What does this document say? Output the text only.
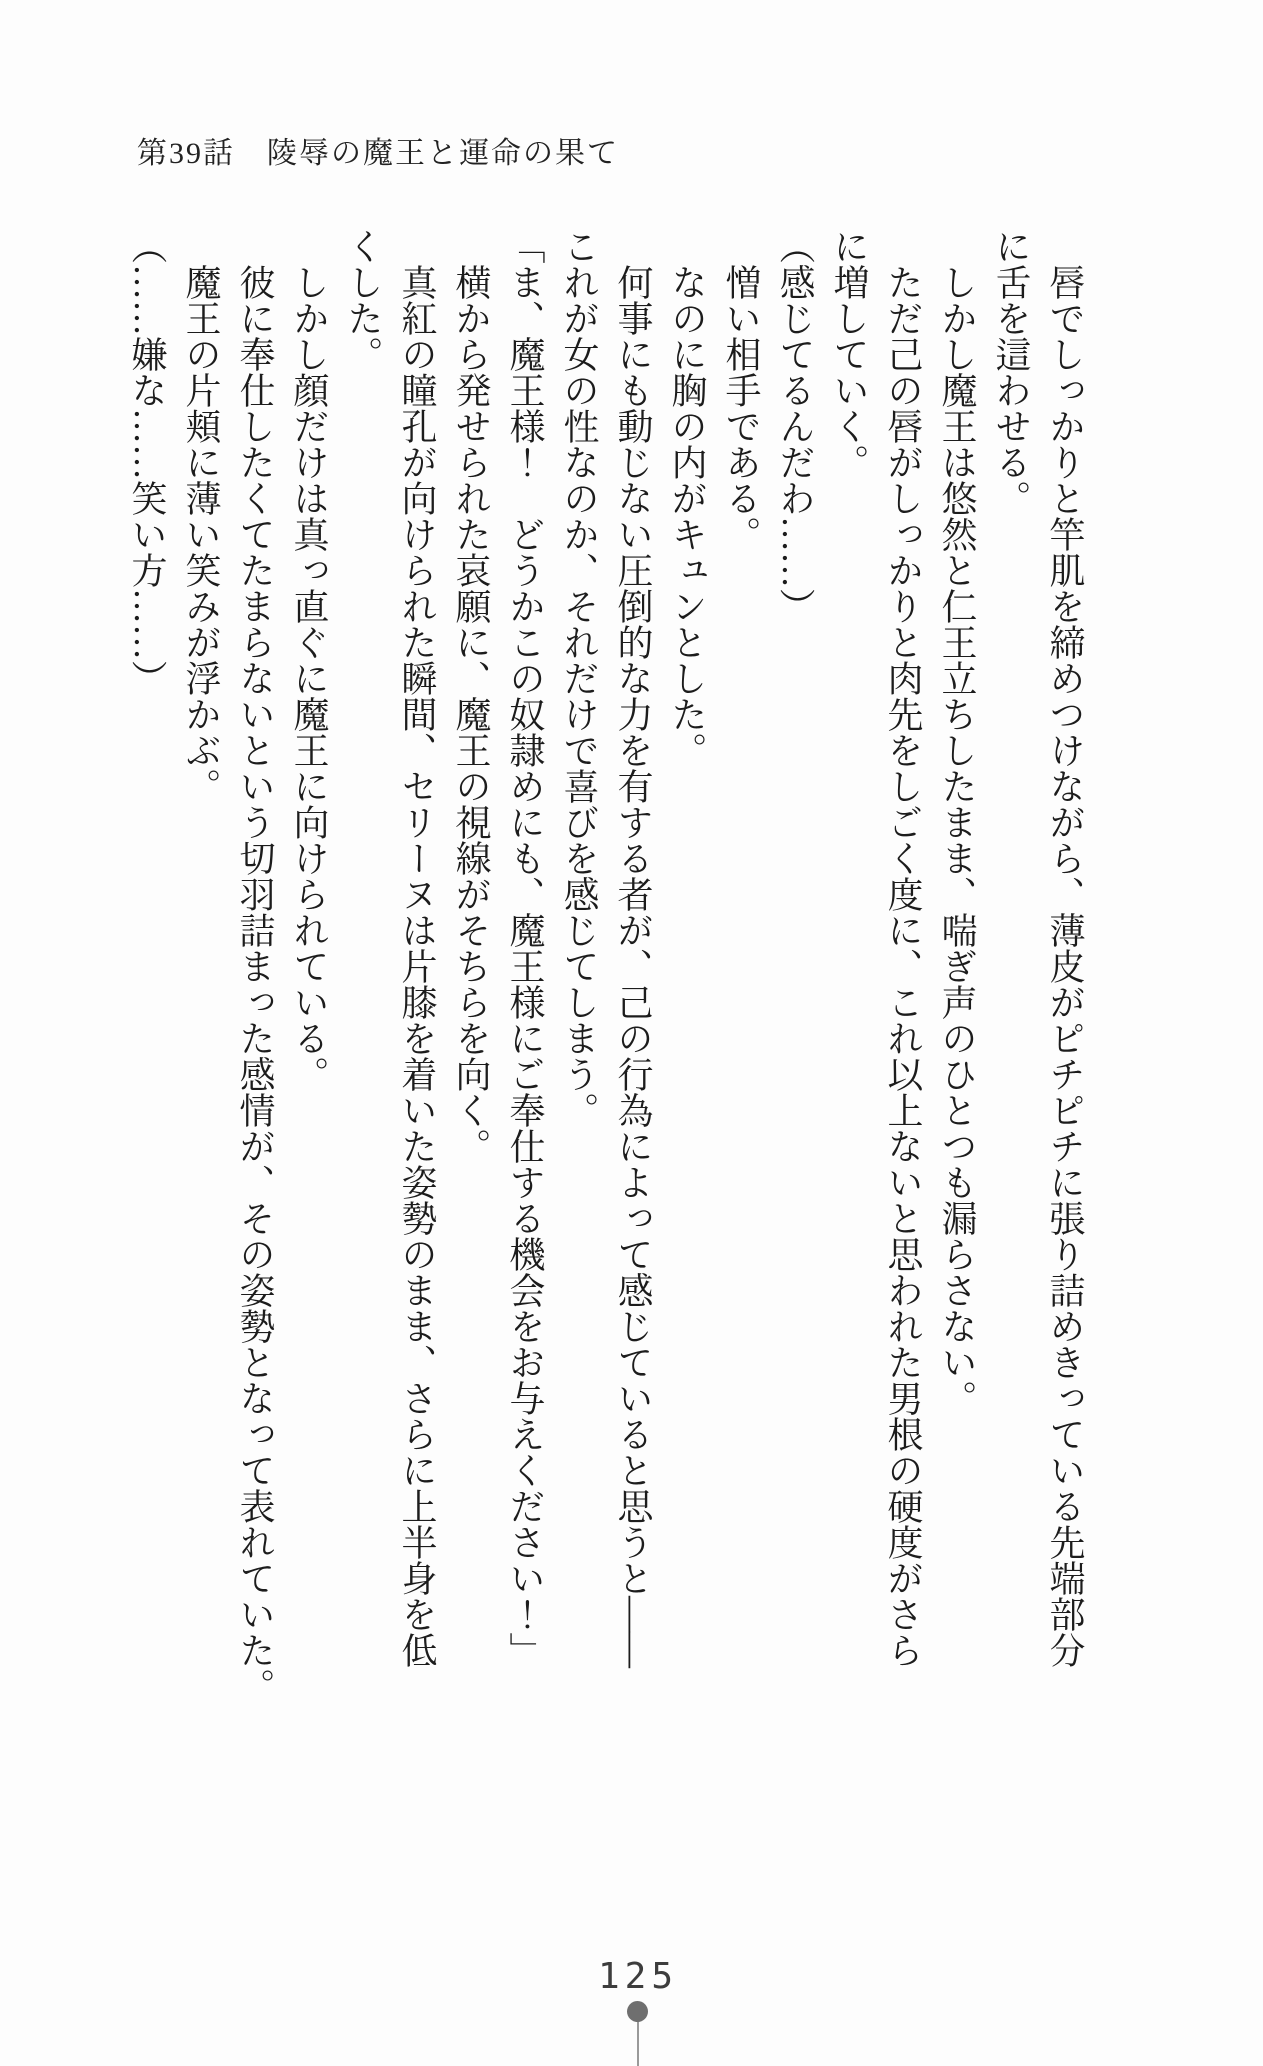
第39話　陵辱の魔王と運命の果て
　唇でしっかりと竿肌を締めつけながら、薄皮がピチピチに張り詰めきっている先端部分
に舌を這わせる。
　しかし魔王は悠然と仁王立ちしたまま、喘ぎ声のひとつも漏らさない。
　ただ己の唇がしっかりと肉先をしごく度に、これ以上ないと思われた男根の硬度がさら
に増していく。
（感じてるんだわ……）
　憎い相手である。
　なのに胸の内がキュンとした。
　何事にも動じない圧倒的な力を有する者が、己の行為によって感じていると思うと――
これが女の性なのか、それだけで喜びを感じてしまう。
「ま、魔王様！　どうかこの奴隷めにも、魔王様にご奉仕する機会をお与えください！」
　横から発せられた哀願に、魔王の視線がそちらを向く。
　真紅の瞳孔が向けられた瞬間、セリーヌは片膝を着いた姿勢のまま、さらに上半身を低
くした。
　しかし顔だけは真っ直ぐに魔王に向けられている。
　彼に奉仕したくてたまらないという切羽詰まった感情が、その姿勢となって表れていた。
　魔王の片頬に薄い笑みが浮かぶ。
（……嫌な……笑い方……）
125
